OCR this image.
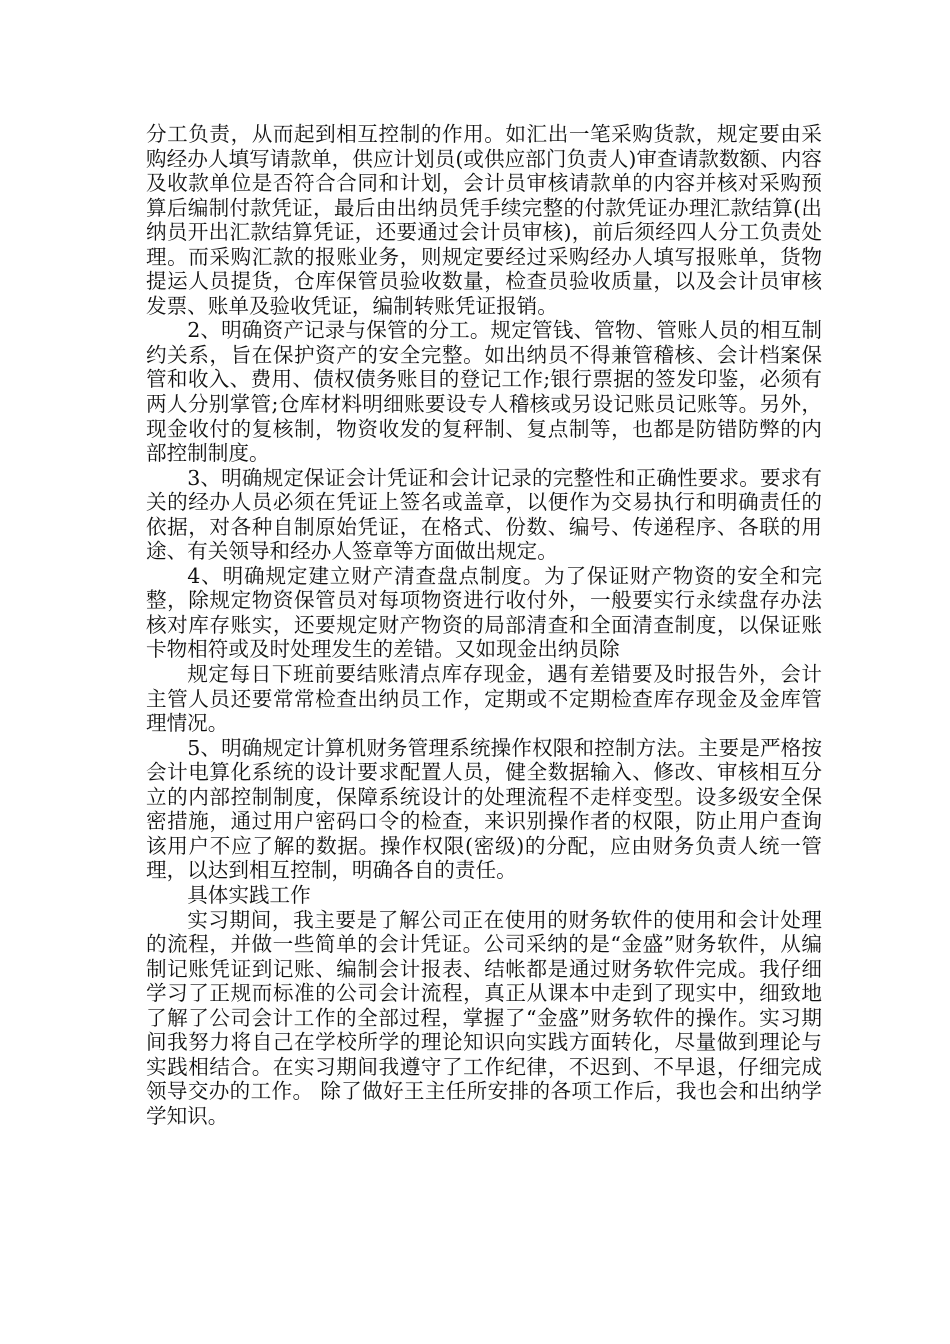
分工负责，从而起到相互控制的作用。如汇出一笔采购货款，规定要由采购经办人填写请款单，供应计划员(或供应部门负责人)审查请款数额、内容及收款单位是否符合合同和计划，会计员审核请款单的内容并核对采购预算后编制付款凭证，最后由出纳员凭手续完整的付款凭证办理汇款结算(出纳员开出汇款结算凭证，还要通过会计员审核)，前后须经四人分工负责处理。而采购汇款的报账业务，则规定要经过采购经办人填写报账单，货物提运人员提货，仓库保管员验收数量，检查员验收质量，以及会计员审核发票、账单及验收凭证，编制转账凭证报销。

2、明确资产记录与保管的分工。规定管钱、管物、管账人员的相互制约关系，旨在保护资产的安全完整。如出纳员不得兼管稽核、会计档案保管和收入、费用、债权债务账目的登记工作;银行票据的签发印鉴，必须有两人分别掌管;仓库材料明细账要设专人稽核或另设记账员记账等。另外，现金收付的复核制，物资收发的复秤制、复点制等，也都是防错防弊的内部控制制度。

3、明确规定保证会计凭证和会计记录的完整性和正确性要求。要求有关的经办人员必须在凭证上签名或盖章，以便作为交易执行和明确责任的依据，对各种自制原始凭证，在格式、份数、编号、传递程序、各联的用途、有关领导和经办人签章等方面做出规定。

4、明确规定建立财产清查盘点制度。为了保证财产物资的安全和完整，除规定物资保管员对每项物资进行收付外，一般要实行永续盘存办法核对库存账实，还要规定财产物资的局部清查和全面清查制度，以保证账卡物相符或及时处理发生的差错。又如现金出纳员除

规定每日下班前要结账清点库存现金，遇有差错要及时报告外，会计主管人员还要常常检查出纳员工作，定期或不定期检查库存现金及金库管理情况。

5、明确规定计算机财务管理系统操作权限和控制方法。主要是严格按会计电算化系统的设计要求配置人员，健全数据输入、修改、审核相互分立的内部控制制度，保障系统设计的处理流程不走样变型。设多级安全保密措施，通过用户密码口令的检查，来识别操作者的权限，防止用户查询该用户不应了解的数据。操作权限(密级)的分配，应由财务负责人统一管理，以达到相互控制，明确各自的责任。

具体实践工作

实习期间，我主要是了解公司正在使用的财务软件的使用和会计处理的流程，并做一些简单的会计凭证。公司采纳的是“金盛”财务软件，从编制记账凭证到记账、编制会计报表、结帐都是通过财务软件完成。我仔细学习了正规而标准的公司会计流程，真正从课本中走到了现实中，细致地了解了公司会计工作的全部过程，掌握了“金盛”财务软件的操作。实习期间我努力将自己在学校所学的理论知识向实践方面转化，尽量做到理论与实践相结合。在实习期间我遵守了工作纪律，不迟到、不早退，仔细完成领导交办的工作。 除了做好王主任所安排的各项工作后，我也会和出纳学学知识。
